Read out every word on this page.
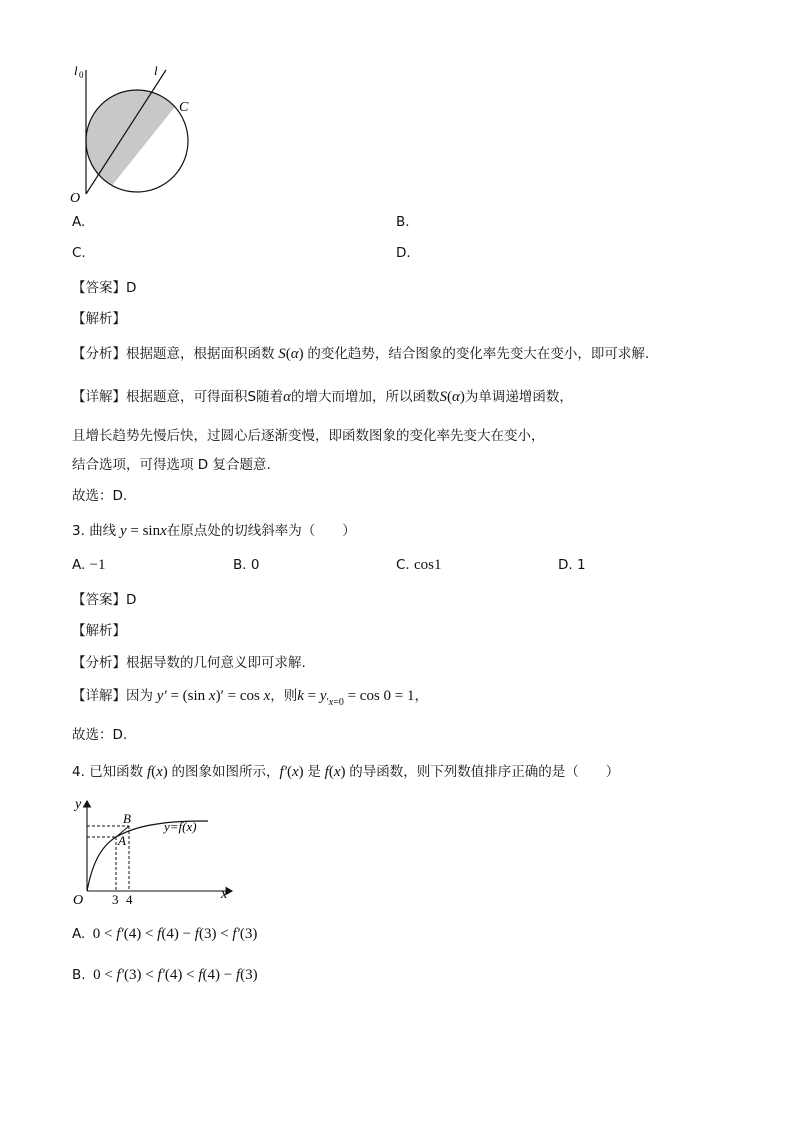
l 0	l
C
O
A.	B.
C.	D.
【答案】D
【解析】
【分析】根据题意，根据面积函数 S(α) 的变化趋势，结合图象的变化率先变大在变小，即可求解.
【详解】根据题意，可得面积S随着α的增大而增加，所以函数S(α)为单调递增函数，
且增长趋势先慢后快，过圆心后逐渐变慢，即函数图象的变化率先变大在变小，
结合选项，可得选项 D 复合题意.
故选：D.
3. 曲线 y = sinx在原点处的切线斜率为（　　）
A. −1	B. 0	C. cos1	D. 1
【答案】D
【解析】
【分析】根据导数的几何意义即可求解.
【详解】因为 y′ = (sin x)′ = cos x，则$k = y_{'x=0} = \cos 0 = 1$，
故选：D.
4. 已知函数 f(x) 的图象如图所示，f′(x) 是 f(x) 的导函数，则下列数值排序正确的是（　　）
y
x
O
A
B
3 4
y=f(x)
A.  0 < f′(4) < f(4) − f(3) < f′(3)
B.  0 < f′(3) < f′(4) < f(4) − f(3)
